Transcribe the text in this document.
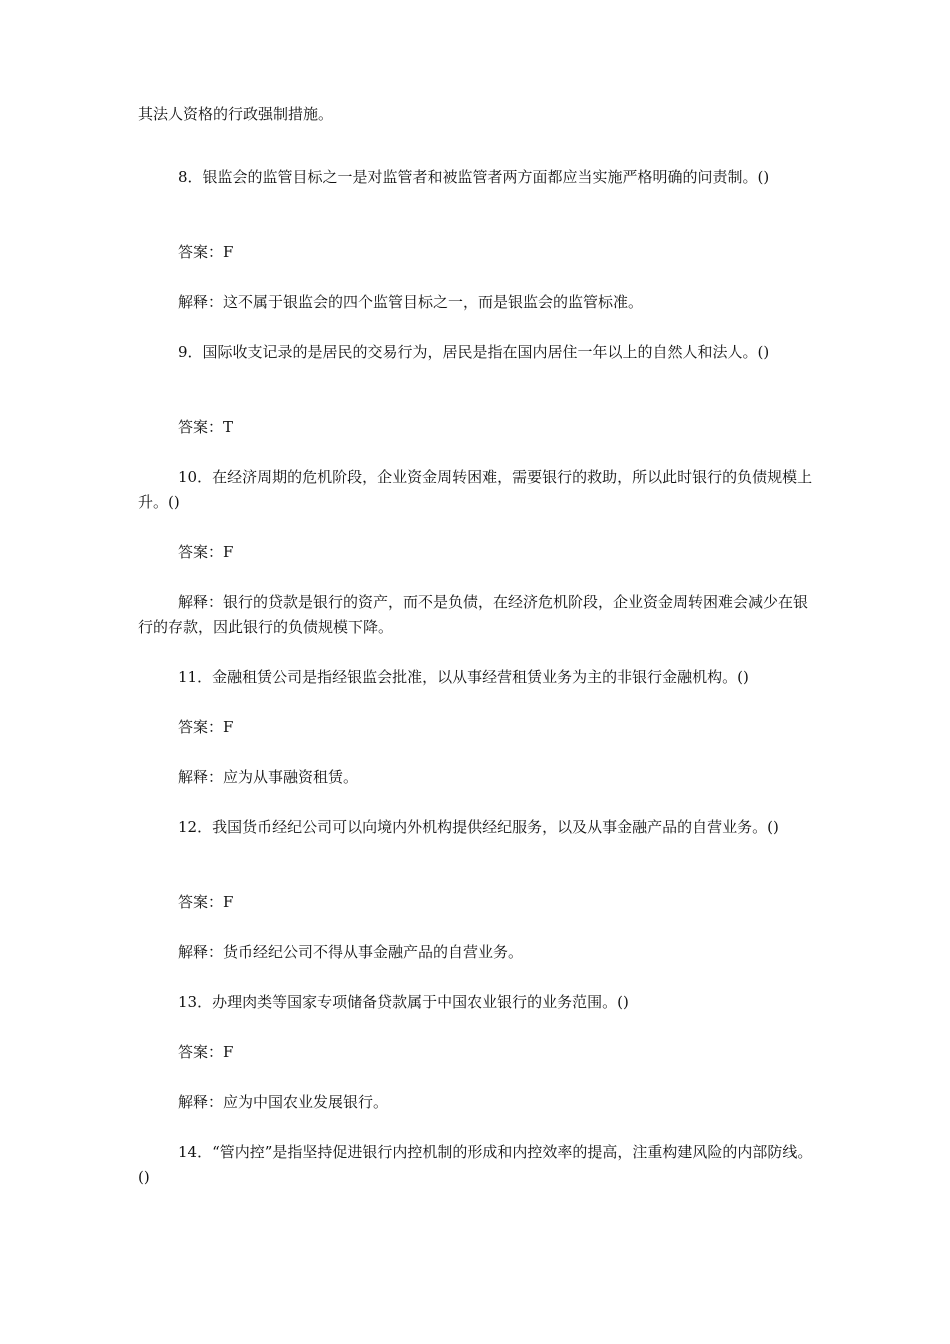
其法人资格的行政强制措施。

8．银监会的监管目标之一是对监管者和被监管者两方面都应当实施严格明确的问责制。()

答案：F

解释：这不属于银监会的四个监管目标之一，而是银监会的监管标准。

9．国际收支记录的是居民的交易行为，居民是指在国内居住一年以上的自然人和法人。()

答案：T

10．在经济周期的危机阶段，企业资金周转困难，需要银行的救助，所以此时银行的负债规模上升。()

答案：F

解释：银行的贷款是银行的资产，而不是负债，在经济危机阶段，企业资金周转困难会减少在银行的存款，因此银行的负债规模下降。

11．金融租赁公司是指经银监会批准，以从事经营租赁业务为主的非银行金融机构。()

答案：F

解释：应为从事融资租赁。

12．我国货币经纪公司可以向境内外机构提供经纪服务，以及从事金融产品的自营业务。()

答案：F

解释：货币经纪公司不得从事金融产品的自营业务。

13．办理肉类等国家专项储备贷款属于中国农业银行的业务范围。()

答案：F

解释：应为中国农业发展银行。

14．“管内控”是指坚持促进银行内控机制的形成和内控效率的提高，注重构建风险的内部防线。()
